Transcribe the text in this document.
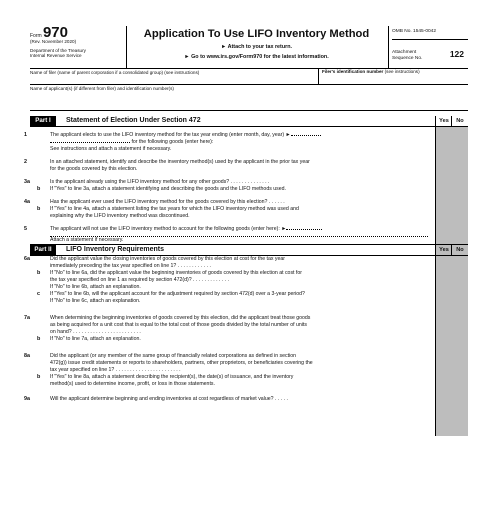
Form 970
(Rev. November 2020)
Department of the Treasury
Internal Revenue Service
Application To Use LIFO Inventory Method
► Attach to your tax return.
► Go to www.irs.gov/Form970 for the latest information.
OMB No. 1545-0042
Attachment
Sequence No.	122
Name of filer (name of parent corporation if a consolidated group) (see instructions)	Filer's identification number (see instructions)
Name of applicant(s) (if different from filer) and identification number(s)
Part I	Statement of Election Under Section 472	Yes	No
1	The applicant elects to use the LIFO inventory method for the tax year ending (enter month, day, year) ►
for the following goods (enter here):
See instructions and attach a statement if necessary.
2	In an attached statement, identify and describe the inventory method(s) used by the applicant in the prior tax year
for the goods covered by this election.
3a	Is the applicant already using the LIFO inventory method for any other goods? . . . . . . . . . . . . . .
b If "Yes" to line 3a, attach a statement identifying and describing the goods and the LIFO methods used.
4a	Has the applicant ever used the LIFO inventory method for the goods covered by this election? . . . . . .
b If "Yes" to line 4a, attach a statement listing the tax years for which the LIFO inventory method was used and
explaining why the LIFO inventory method was discontinued.
5	The applicant will not use the LIFO inventory method to account for the following goods (enter here): ►
Attach a statement if necessary.
Part II	LIFO Inventory Requirements	Yes	No
6a	Did the applicant value the closing inventories of goods covered by this election at cost for the tax year
immediately preceding the tax year specified on line 1? . . . . . . . . . . . .
b If "No" to line 6a, did the applicant value the beginning inventories of goods covered by this election at cost for
the tax year specified on line 1 as required by section 472(d)? . . . . . . . . . . . . .
If "No" to line 6b, attach an explanation.
c If "Yes" to line 6b, will the applicant account for the adjustment required by section 472(d) over a 3-year period?
If "No" to line 6c, attach an explanation.
7a	When determining the beginning inventories of goods covered by this election, did the applicant treat those goods
as being acquired for a unit cost that is equal to the total cost of those goods divided by the total number of units
on hand? . . . . . . . . . . . . . . . . . . . . . . . .
b If "No" to line 7a, attach an explanation.
8a	Did the applicant (or any member of the same group of financially related corporations as defined in section
472(g)) issue credit statements or reports to shareholders, partners, other proprietors, or beneficiaries covering the
tax year specified on line 1? . . . . . . . . . . . . . . . . . . . . . . .
b If "Yes" to line 8a, attach a statement describing the recipient(s), the date(s) of issuance, and the inventory
method(s) used to determine income, profit, or loss in those statements.
9a	Will the applicant determine beginning and ending inventories at cost regardless of market value? . . . . .
